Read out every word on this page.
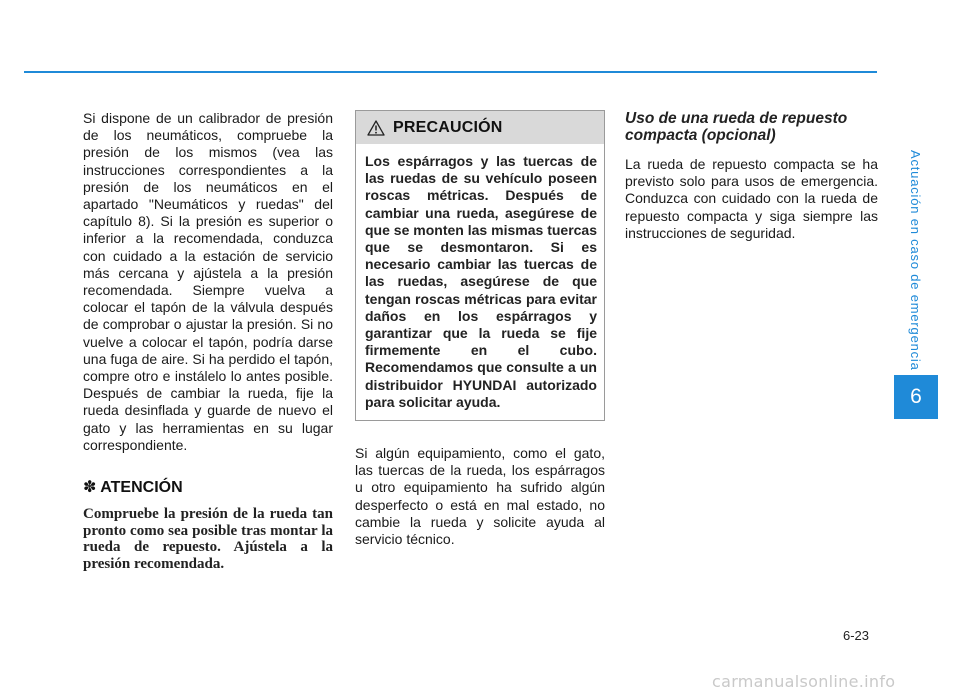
Actuación en caso de emergencia
6

Si dispone de un calibrador de presión de los neumáticos, compruebe la presión de los mismos (vea las instrucciones correspondientes a la presión de los neumáticos en el apartado "Neumáticos y ruedas" del capítulo 8). Si la presión es superior o inferior a la recomendada, conduzca con cuidado a la estación de servicio más cercana y ajústela a la presión recomendada. Siempre vuelva a colocar el tapón de la válvula después de comprobar o ajustar la presión. Si no vuelve a colocar el tapón, podría darse una fuga de aire. Si ha perdido el tapón, compre otro e instálelo lo antes posible. Después de cambiar la rueda, fije la rueda desinflada y guarde de nuevo el gato y las herramientas en su lugar correspondiente.

✽ ATENCIÓN

Compruebe la presión de la rueda tan pronto como sea posible tras montar la rueda de repuesto. Ajústela a la presión recomendada.

PRECAUCIÓN

Los espárragos y las tuercas de las ruedas de su vehículo poseen roscas métricas. Después de cambiar una rueda, asegúrese de que se monten las mismas tuercas que se desmontaron. Si es necesario cambiar las tuercas de las ruedas, asegúrese de que tengan roscas métricas para evitar daños en los espárragos y garantizar que la rueda se fije firmemente en el cubo. Recomendamos que consulte a un distribuidor HYUNDAI autorizado para solicitar ayuda.

Si algún equipamiento, como el gato, las tuercas de la rueda, los espárragos u otro equipamiento ha sufrido algún desperfecto o está en mal estado, no cambie la rueda y solicite ayuda al servicio técnico.

Uso de una rueda de repuesto compacta (opcional)

La rueda de repuesto compacta se ha previsto solo para usos de emergencia. Conduzca con cuidado con la rueda de repuesto compacta y siga siempre las instrucciones de seguridad.

6-23
carmanualsonline.info
